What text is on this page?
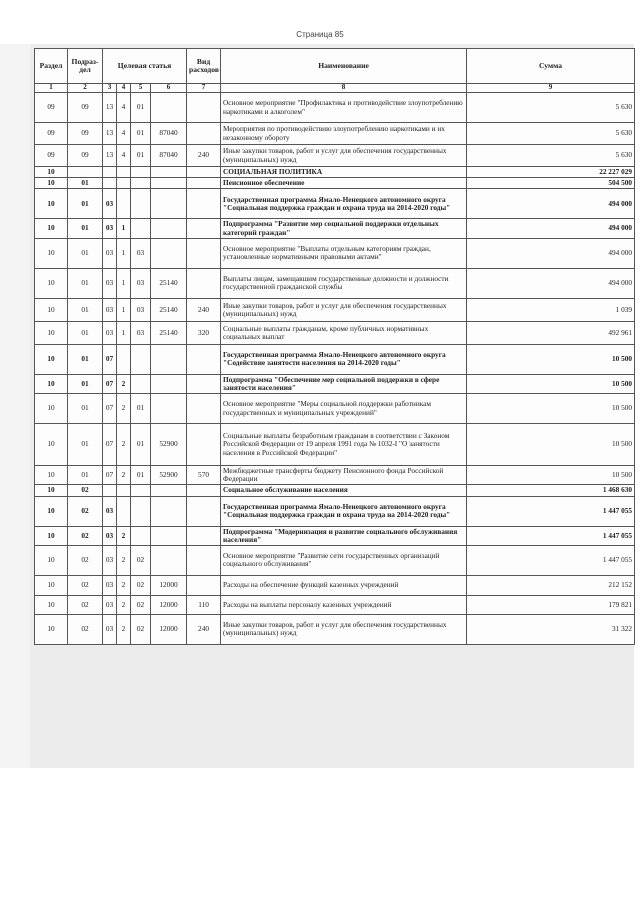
Страница 85
Раздел	Подраз-дел	Целевая статья				Вид расходов	Наименование	Сумма
1	2	3	4	5	6	7	8	9
09	09	13	4	01			Основное мероприятие "Профилактика и противодействие злоупотреблению наркотиками и алкоголем"	5 630
09	09	13	4	01	87040		Мероприятия по противодействию злоупотреблению наркотиками и их незаконному обороту	5 630
09	09	13	4	01	87040	240	Иные закупки товаров, работ и услуг для обеспечения государственных (муниципальных) нужд	5 630
10							СОЦИАЛЬНАЯ ПОЛИТИКА	22 227 029
10	01						Пенсионное обеспечение	504 500
10	01	03					Государственная программа Ямало-Ненецкого автономного округа "Социальная поддержка граждан и охрана труда на 2014-2020 годы"	494 000
10	01	03	1				Подпрограмма "Развитие мер социальной поддержки отдельных категорий граждан"	494 000
10	01	03	1	03			Основное мероприятие "Выплаты отдельным категориям граждан, установленные нормативными правовыми актами"	494 000
10	01	03	1	03	25140		Выплаты лицам, замещавшим государственные должности и должности государственной гражданской службы	494 000
10	01	03	1	03	25140	240	Иные закупки товаров, работ и услуг для обеспечения государственных (муниципальных) нужд	1 039
10	01	03	1	03	25140	320	Социальные выплаты гражданам, кроме публичных нормативных социальных выплат	492 961
10	01	07					Государственная программа Ямало-Ненецкого автономного округа "Содействие занятости населения на 2014-2020 годы"	10 500
10	01	07	2				Подпрограмма "Обеспечение мер социальной поддержки в сфере занятости населения"	10 500
10	01	07	2	01			Основное мероприятие "Меры социальной поддержки работникам государственных и муниципальных учреждений"	10 500
10	01	07	2	01	52900		Социальные выплаты безработным гражданам в соответствии с Законом Российской Федерации от 19 апреля 1991 года № 1032-I "О занятости населения в Российской Федерации"	10 500
10	01	07	2	01	52900	570	Межбюджетные трансферты бюджету Пенсионного фонда Российской Федерации	10 500
10	02						Социальное обслуживание населения	1 468 630
10	02	03					Государственная программа Ямало-Ненецкого автономного округа "Социальная поддержка граждан и охрана труда на 2014-2020 годы"	1 447 055
10	02	03	2				Подпрограмма "Модернизация и развитие социального обслуживания населения"	1 447 055
10	02	03	2	02			Основное мероприятие "Развитие сети государственных организаций социального обслуживания"	1 447 055
10	02	03	2	02	12000		Расходы на обеспечение функций казенных учреждений	212 152
10	02	03	2	02	12000	110	Расходы на выплаты персоналу казенных учреждений	179 821
10	02	03	2	02	12000	240	Иные закупки товаров, работ и услуг для обеспечения государственных (муниципальных) нужд	31 322
